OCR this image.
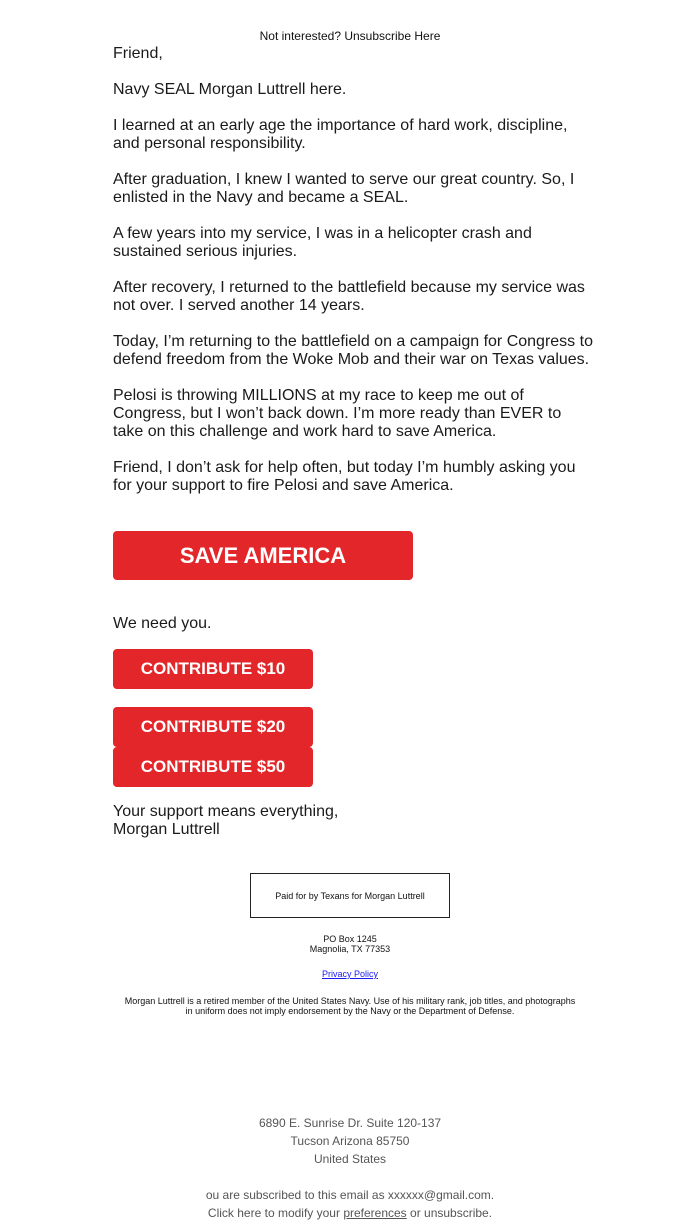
Not interested? Unsubscribe Here

Friend,

Navy SEAL Morgan Luttrell here.

I learned at an early age the importance of hard work, discipline, and personal responsibility.

After graduation, I knew I wanted to serve our great country. So, I enlisted in the Navy and became a SEAL.

A few years into my service, I was in a helicopter crash and sustained serious injuries.

After recovery, I returned to the battlefield because my service was not over. I served another 14 years.

Today, I’m returning to the battlefield on a campaign for Congress to defend freedom from the Woke Mob and their war on Texas values.

Pelosi is throwing MILLIONS at my race to keep me out of Congress, but I won’t back down. I’m more ready than EVER to take on this challenge and work hard to save America.

Friend, I don’t ask for help often, but today I’m humbly asking you for your support to fire Pelosi and save America.

SAVE AMERICA
We need you.
CONTRIBUTE $10
CONTRIBUTE $20
CONTRIBUTE $50
Your support means everything,
Morgan Luttrell
Paid for by Texans for Morgan Luttrell
PO Box 1245
Magnolia, TX 77353
Privacy Policy
Morgan Luttrell is a retired member of the United States Navy. Use of his military rank, job titles, and photographs in uniform does not imply endorsement by the Navy or the Department of Defense.
6890 E. Sunrise Dr. Suite 120-137
Tucson Arizona 85750
United States
ou are subscribed to this email as xxxxxx@gmail.com.
Click here to modify your preferences or unsubscribe.
